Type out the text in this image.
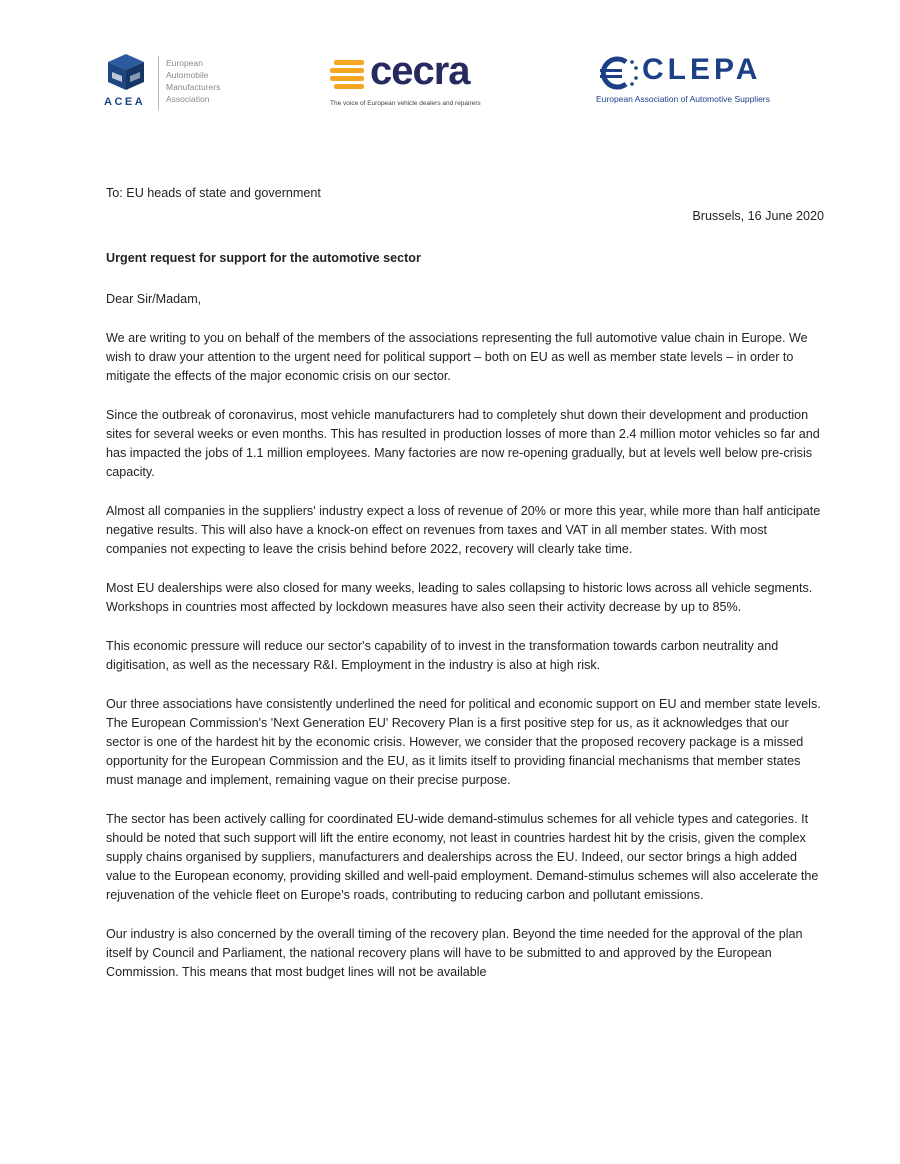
ACEA
European
Automobile
Manufacturers
Association
cecra
The voice of European vehicle dealers and repairers
CLEPA
European Association of Automotive Suppliers

To: EU heads of state and government

Brussels, 16 June 2020

Urgent request for support for the automotive sector

Dear Sir/Madam,

We are writing to you on behalf of the members of the associations representing the full automotive value chain in Europe. We wish to draw your attention to the urgent need for political support – both on EU as well as member state levels – in order to mitigate the effects of the major economic crisis on our sector.

Since the outbreak of coronavirus, most vehicle manufacturers had to completely shut down their development and production sites for several weeks or even months. This has resulted in production losses of more than 2.4 million motor vehicles so far and has impacted the jobs of 1.1 million employees. Many factories are now re-opening gradually, but at levels well below pre-crisis capacity.

Almost all companies in the suppliers' industry expect a loss of revenue of 20% or more this year, while more than half anticipate negative results. This will also have a knock-on effect on revenues from taxes and VAT in all member states. With most companies not expecting to leave the crisis behind before 2022, recovery will clearly take time.

Most EU dealerships were also closed for many weeks, leading to sales collapsing to historic lows across all vehicle segments. Workshops in countries most affected by lockdown measures have also seen their activity decrease by up to 85%.

This economic pressure will reduce our sector's capability of to invest in the transformation towards carbon neutrality and digitisation, as well as the necessary R&I. Employment in the industry is also at high risk.

Our three associations have consistently underlined the need for political and economic support on EU and member state levels. The European Commission's 'Next Generation EU' Recovery Plan is a first positive step for us, as it acknowledges that our sector is one of the hardest hit by the economic crisis. However, we consider that the proposed recovery package is a missed opportunity for the European Commission and the EU, as it limits itself to providing financial mechanisms that member states must manage and implement, remaining vague on their precise purpose.

The sector has been actively calling for coordinated EU-wide demand-stimulus schemes for all vehicle types and categories. It should be noted that such support will lift the entire economy, not least in countries hardest hit by the crisis, given the complex supply chains organised by suppliers, manufacturers and dealerships across the EU. Indeed, our sector brings a high added value to the European economy, providing skilled and well-paid employment. Demand-stimulus schemes will also accelerate the rejuvenation of the vehicle fleet on Europe's roads, contributing to reducing carbon and pollutant emissions.

Our industry is also concerned by the overall timing of the recovery plan. Beyond the time needed for the approval of the plan itself by Council and Parliament, the national recovery plans will have to be submitted to and approved by the European Commission. This means that most budget lines will not be available
